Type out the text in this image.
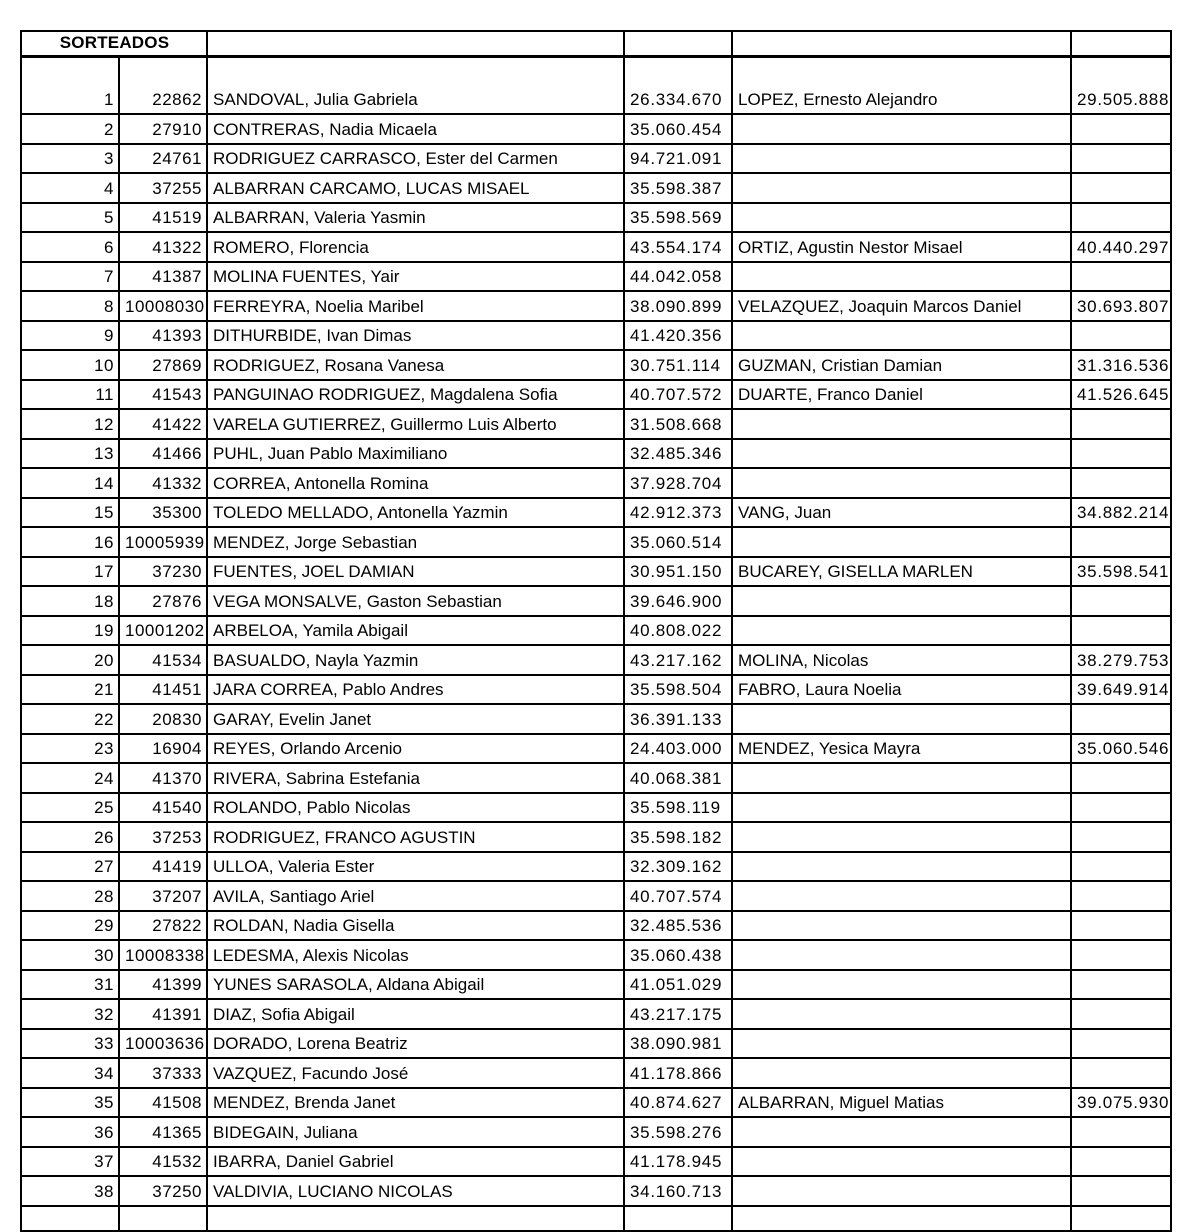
SORTEADOS					
1	22862	SANDOVAL, Julia Gabriela	26.334.670	LOPEZ, Ernesto Alejandro	29.505.888
2	27910	CONTRERAS, Nadia Micaela	35.060.454		
3	24761	RODRIGUEZ CARRASCO, Ester del Carmen	94.721.091		
4	37255	ALBARRAN CARCAMO, LUCAS MISAEL	35.598.387		
5	41519	ALBARRAN, Valeria Yasmin	35.598.569		
6	41322	ROMERO, Florencia	43.554.174	ORTIZ, Agustin Nestor Misael	40.440.297
7	41387	MOLINA FUENTES, Yair	44.042.058		
8	10008030	FERREYRA, Noelia Maribel	38.090.899	VELAZQUEZ, Joaquin Marcos Daniel	30.693.807
9	41393	DITHURBIDE, Ivan Dimas	41.420.356		
10	27869	RODRIGUEZ, Rosana Vanesa	30.751.114	GUZMAN, Cristian Damian	31.316.536
11	41543	PANGUINAO RODRIGUEZ, Magdalena Sofia	40.707.572	DUARTE, Franco Daniel	41.526.645
12	41422	VARELA GUTIERREZ, Guillermo Luis Alberto	31.508.668		
13	41466	PUHL, Juan Pablo Maximiliano	32.485.346		
14	41332	CORREA, Antonella Romina	37.928.704		
15	35300	TOLEDO MELLADO, Antonella Yazmin	42.912.373	VANG, Juan	34.882.214
16	10005939	MENDEZ, Jorge Sebastian	35.060.514		
17	37230	FUENTES, JOEL DAMIAN	30.951.150	BUCAREY, GISELLA MARLEN	35.598.541
18	27876	VEGA MONSALVE, Gaston Sebastian	39.646.900		
19	10001202	ARBELOA, Yamila Abigail	40.808.022		
20	41534	BASUALDO, Nayla Yazmin	43.217.162	MOLINA, Nicolas	38.279.753
21	41451	JARA CORREA, Pablo Andres	35.598.504	FABRO, Laura Noelia	39.649.914
22	20830	GARAY, Evelin Janet	36.391.133		
23	16904	REYES, Orlando Arcenio	24.403.000	MENDEZ, Yesica Mayra	35.060.546
24	41370	RIVERA, Sabrina Estefania	40.068.381		
25	41540	ROLANDO, Pablo Nicolas	35.598.119		
26	37253	RODRIGUEZ, FRANCO AGUSTIN	35.598.182		
27	41419	ULLOA, Valeria Ester	32.309.162		
28	37207	AVILA, Santiago Ariel	40.707.574		
29	27822	ROLDAN, Nadia Gisella	32.485.536		
30	10008338	LEDESMA, Alexis Nicolas	35.060.438		
31	41399	YUNES SARASOLA, Aldana Abigail	41.051.029		
32	41391	DIAZ, Sofia Abigail	43.217.175		
33	10003636	DORADO, Lorena Beatriz	38.090.981		
34	37333	VAZQUEZ, Facundo José	41.178.866		
35	41508	MENDEZ, Brenda Janet	40.874.627	ALBARRAN, Miguel Matias	39.075.930
36	41365	BIDEGAIN, Juliana	35.598.276		
37	41532	IBARRA, Daniel Gabriel	41.178.945		
38	37250	VALDIVIA, LUCIANO NICOLAS	34.160.713		
